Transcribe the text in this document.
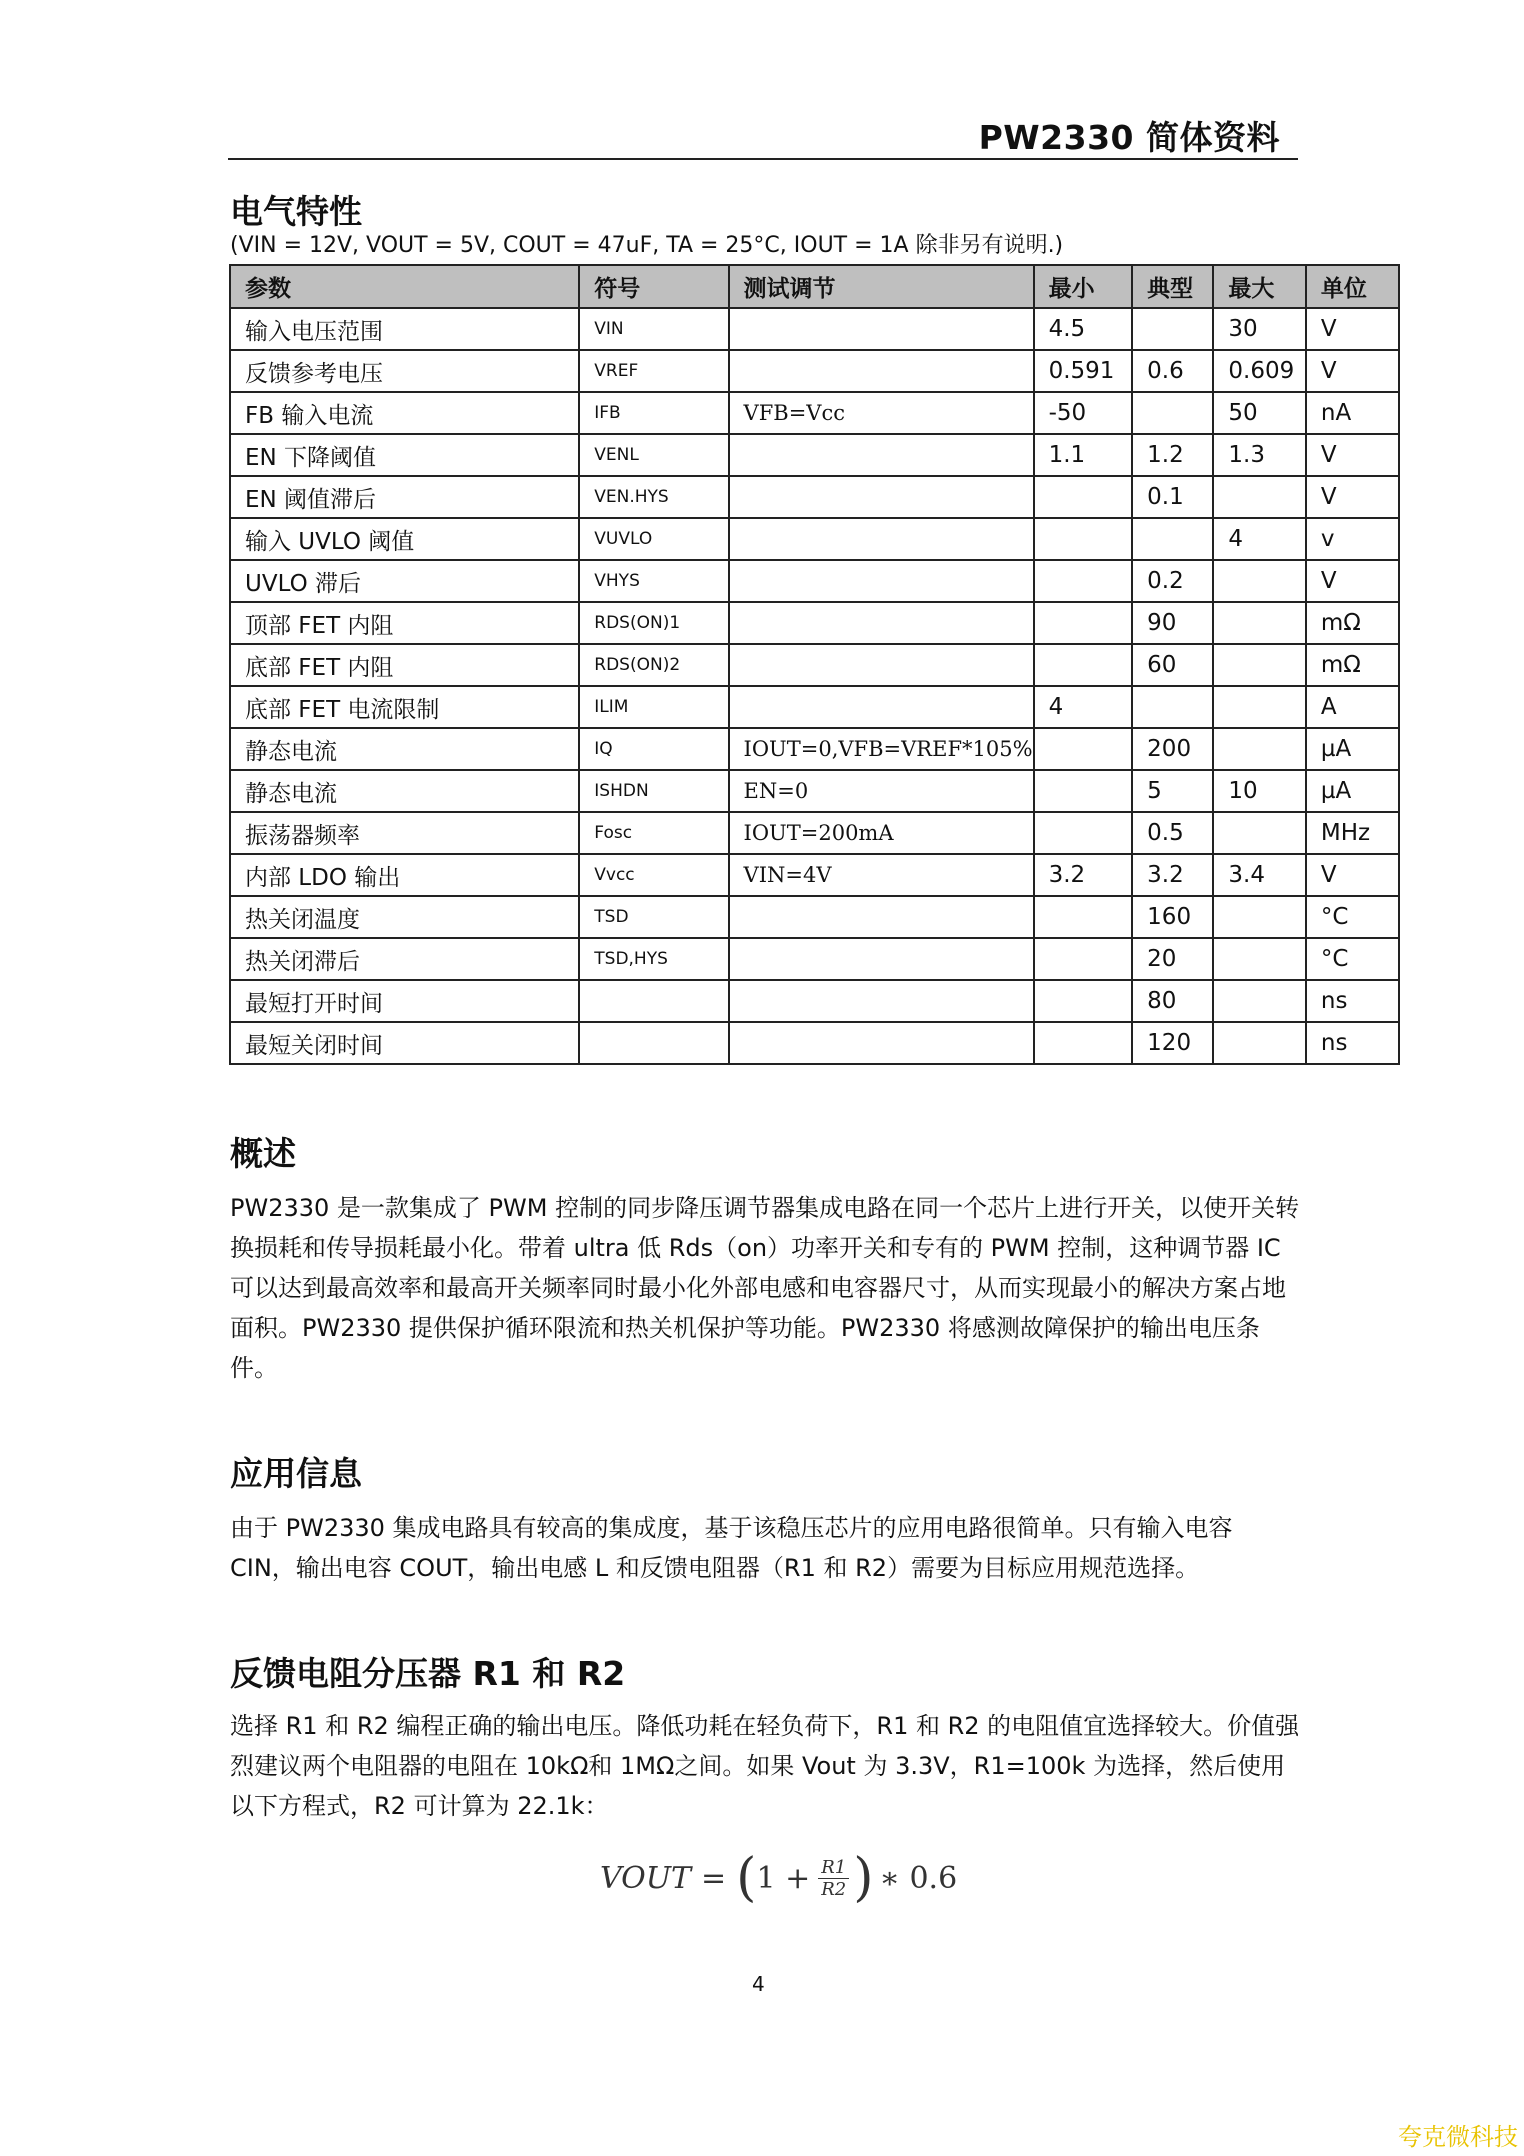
PW2330 简体资料
电气特性
(VIN = 12V, VOUT = 5V, COUT = 47uF, TA = 25°C, IOUT = 1A 除非另有说明.)
参数	符号	测试调节	最小	典型	最大	单位
输入电压范围	VIN		4.5		30	V
反馈参考电压	VREF		0.591	0.6	0.609	V
FB 输入电流	IFB	VFB=Vcc	-50		50	nA
EN 下降阈值	VENL		1.1	1.2	1.3	V
EN 阈值滞后	VEN.HYS			0.1		V
输入 UVLO 阈值	VUVLO				4	v
UVLO 滞后	VHYS			0.2		V
顶部 FET 内阻	RDS(ON)1			90		mΩ
底部 FET 内阻	RDS(ON)2			60		mΩ
底部 FET 电流限制	ILIM		4			A
静态电流	IQ	IOUT=0,VFB=VREF*105%		200		µA
静态电流	ISHDN	EN=0		5	10	µA
振荡器频率	Fosc	IOUT=200mA		0.5		MHz
内部 LDO 输出	Vvcc	VIN=4V	3.2	3.2	3.4	V
热关闭温度	TSD			160		°C
热关闭滞后	TSD,HYS			20		°C
最短打开时间				80		ns
最短关闭时间				120		ns
概述
PW2330 是一款集成了 PWM 控制的同步降压调节器集成电路在同一个芯片上进行开关，以使开关转换损耗和传导损耗最小化。带着 ultra 低 Rds（on）功率开关和专有的 PWM 控制，这种调节器 IC 可以达到最高效率和最高开关频率同时最小化外部电感和电容器尺寸，从而实现最小的解决方案占地面积。PW2330 提供保护循环限流和热关机保护等功能。PW2330 将感测故障保护的输出电压条件。
应用信息
由于 PW2330 集成电路具有较高的集成度，基于该稳压芯片的应用电路很简单。只有输入电容 CIN，输出电容 COUT，输出电感 L 和反馈电阻器（R1 和 R2）需要为目标应用规范选择。
反馈电阻分压器 R1 和 R2
选择 R1 和 R2 编程正确的输出电压。降低功耗在轻负荷下，R1 和 R2 的电阻值宜选择较大。价值强烈建议两个电阻器的电阻在 10kΩ和 1MΩ之间。如果 Vout 为 3.3V，R1=100k 为选择，然后使用以下方程式，R2 可计算为 22.1k：
VOUT = ( $1 + \frac{R1}{R2}$ ) ∗ 0.6
4
夸克微科技
